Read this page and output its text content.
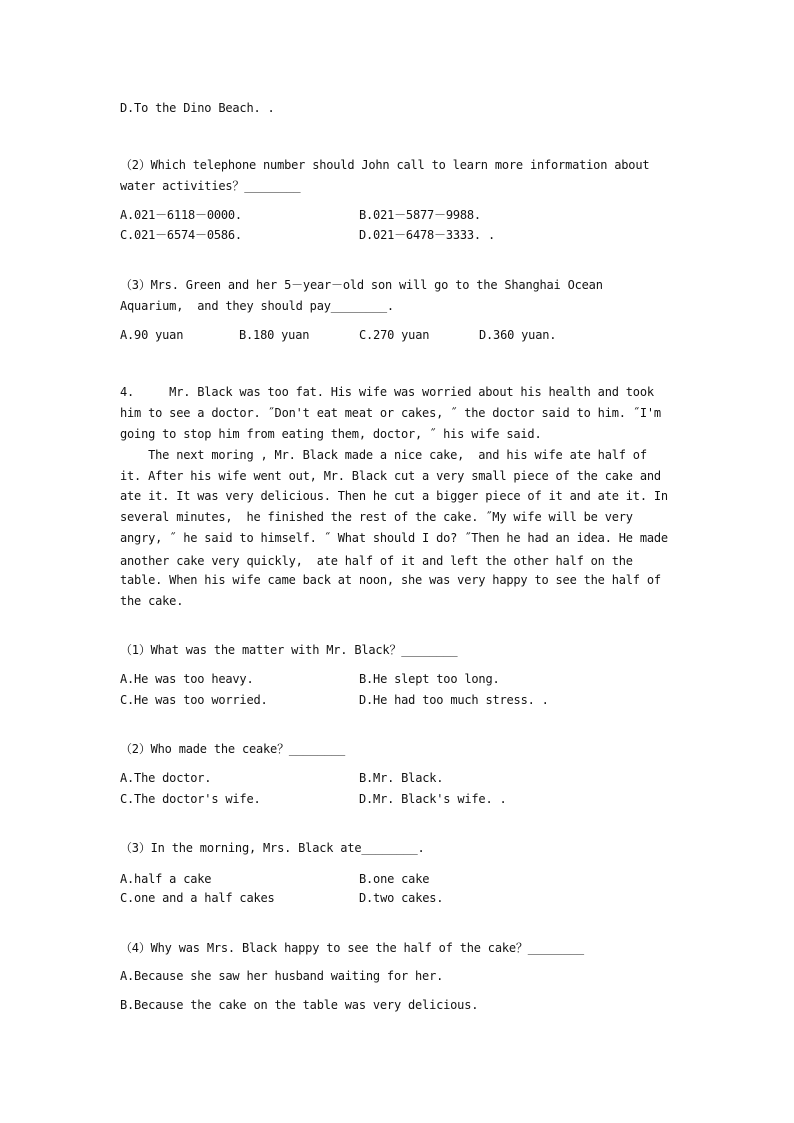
D.To the Dino Beach. .
（2）Which telephone number should John call to learn more information about
water activities？________
A.021－6118－0000.	B.021－5877－9988.
C.021－6574－0586.	D.021－6478－3333. .
（3）Mrs. Green and her 5－year－old son will go to the Shanghai Ocean
Aquarium,  and they should pay________.
A.90 yuan	B.180 yuan	C.270 yuan	D.360 yuan.
4.     Mr. Black was too fat. His wife was worried about his health and took
him to see a doctor. ˝Don't eat meat or cakes, ˝ the doctor said to him. ˝I'm
going to stop him from eating them, doctor, ˝ his wife said.
The next moring , Mr. Black made a nice cake,  and his wife ate half of
it. After his wife went out, Mr. Black cut a very small piece of the cake and
ate it. It was very delicious. Then he cut a bigger piece of it and ate it. In
several minutes,  he finished the rest of the cake. ˝My wife will be very
angry, ˝ he said to himself. ˝ What should I do? ˝Then he had an idea. He made
another cake very quickly,  ate half of it and left the other half on the
table. When his wife came back at noon, she was very happy to see the half of
the cake.
（1）What was the matter with Mr. Black？________
A.He was too heavy.	B.He slept too long.
C.He was too worried.	D.He had too much stress. .
（2）Who made the ceake？________
A.The doctor.	B.Mr. Black.
C.The doctor's wife.	D.Mr. Black's wife. .
（3）In the morning, Mrs. Black ate________.
A.half a cake	B.one cake
C.one and a half cakes	D.two cakes.
（4）Why was Mrs. Black happy to see the half of the cake？________
A.Because she saw her husband waiting for her.
B.Because the cake on the table was very delicious.
